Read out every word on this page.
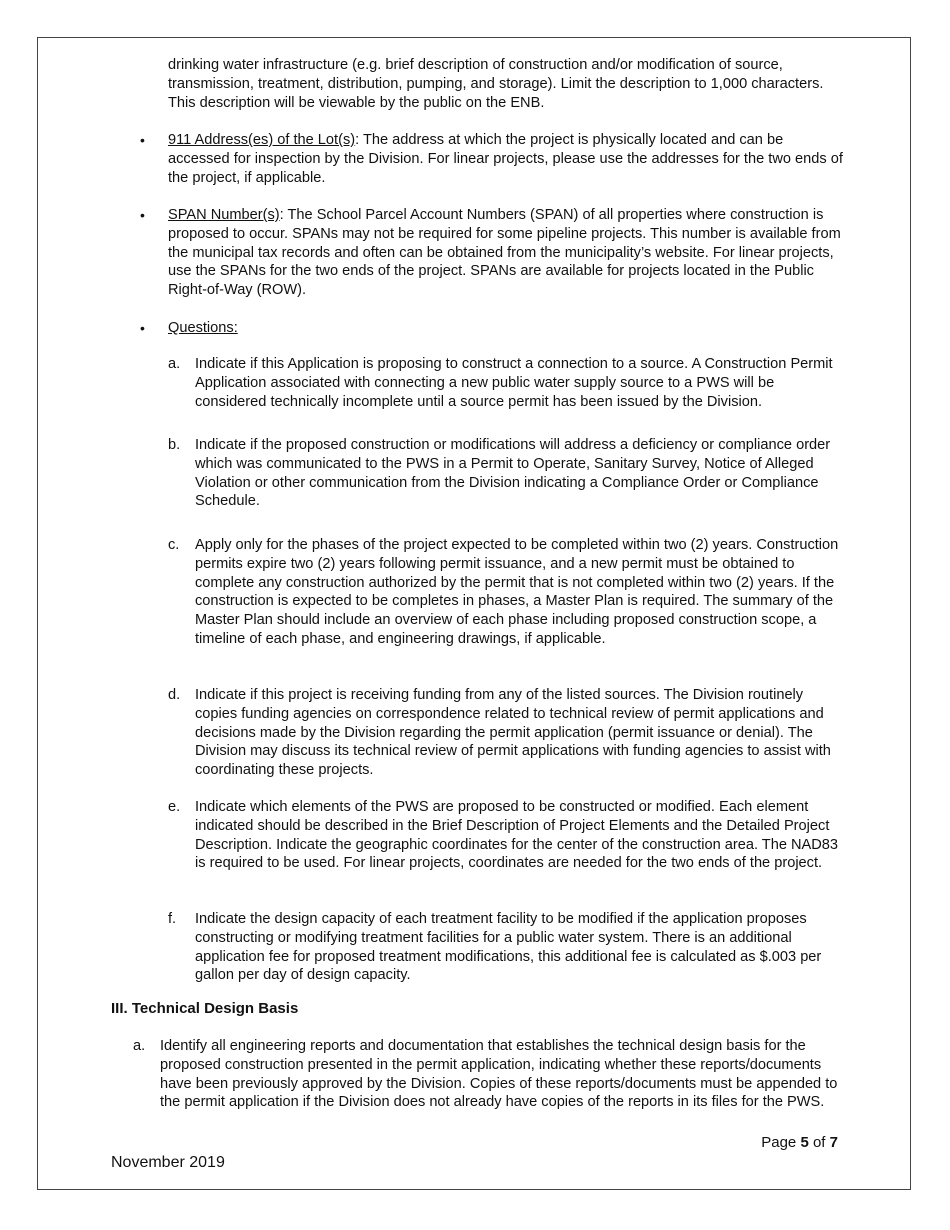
drinking water infrastructure (e.g. brief description of construction and/or modification of source, transmission, treatment, distribution, pumping, and storage). Limit the description to 1,000 characters. This description will be viewable by the public on the ENB.

• 911 Address(es) of the Lot(s): The address at which the project is physically located and can be accessed for inspection by the Division. For linear projects, please use the addresses for the two ends of the project, if applicable.

• SPAN Number(s): The School Parcel Account Numbers (SPAN) of all properties where construction is proposed to occur. SPANs may not be required for some pipeline projects. This number is available from the municipal tax records and often can be obtained from the municipality’s website. For linear projects, use the SPANs for the two ends of the project. SPANs are available for projects located in the Public Right-of-Way (ROW).

• Questions:

a. Indicate if this Application is proposing to construct a connection to a source. A Construction Permit Application associated with connecting a new public water supply source to a PWS will be considered technically incomplete until a source permit has been issued by the Division.

b. Indicate if the proposed construction or modifications will address a deficiency or compliance order which was communicated to the PWS in a Permit to Operate, Sanitary Survey, Notice of Alleged Violation or other communication from the Division indicating a Compliance Order or Compliance Schedule.

c. Apply only for the phases of the project expected to be completed within two (2) years. Construction permits expire two (2) years following permit issuance, and a new permit must be obtained to complete any construction authorized by the permit that is not completed within two (2) years. If the construction is expected to be completes in phases, a Master Plan is required. The summary of the Master Plan should include an overview of each phase including proposed construction scope, a timeline of each phase, and engineering drawings, if applicable.

d. Indicate if this project is receiving funding from any of the listed sources. The Division routinely copies funding agencies on correspondence related to technical review of permit applications and decisions made by the Division regarding the permit application (permit issuance or denial). The Division may discuss its technical review of permit applications with funding agencies to assist with coordinating these projects.

e. Indicate which elements of the PWS are proposed to be constructed or modified. Each element indicated should be described in the Brief Description of Project Elements and the Detailed Project Description. Indicate the geographic coordinates for the center of the construction area. The NAD83 is required to be used. For linear projects, coordinates are needed for the two ends of the project.

f. Indicate the design capacity of each treatment facility to be modified if the application proposes constructing or modifying treatment facilities for a public water system. There is an additional application fee for proposed treatment modifications, this additional fee is calculated as $.003 per gallon per day of design capacity.

III. Technical Design Basis
a. Identify all engineering reports and documentation that establishes the technical design basis for the proposed construction presented in the permit application, indicating whether these reports/documents have been previously approved by the Division. Copies of these reports/documents must be appended to the permit application if the Division does not already have copies of the reports in its files for the PWS.

Page 5 of 7
November 2019
